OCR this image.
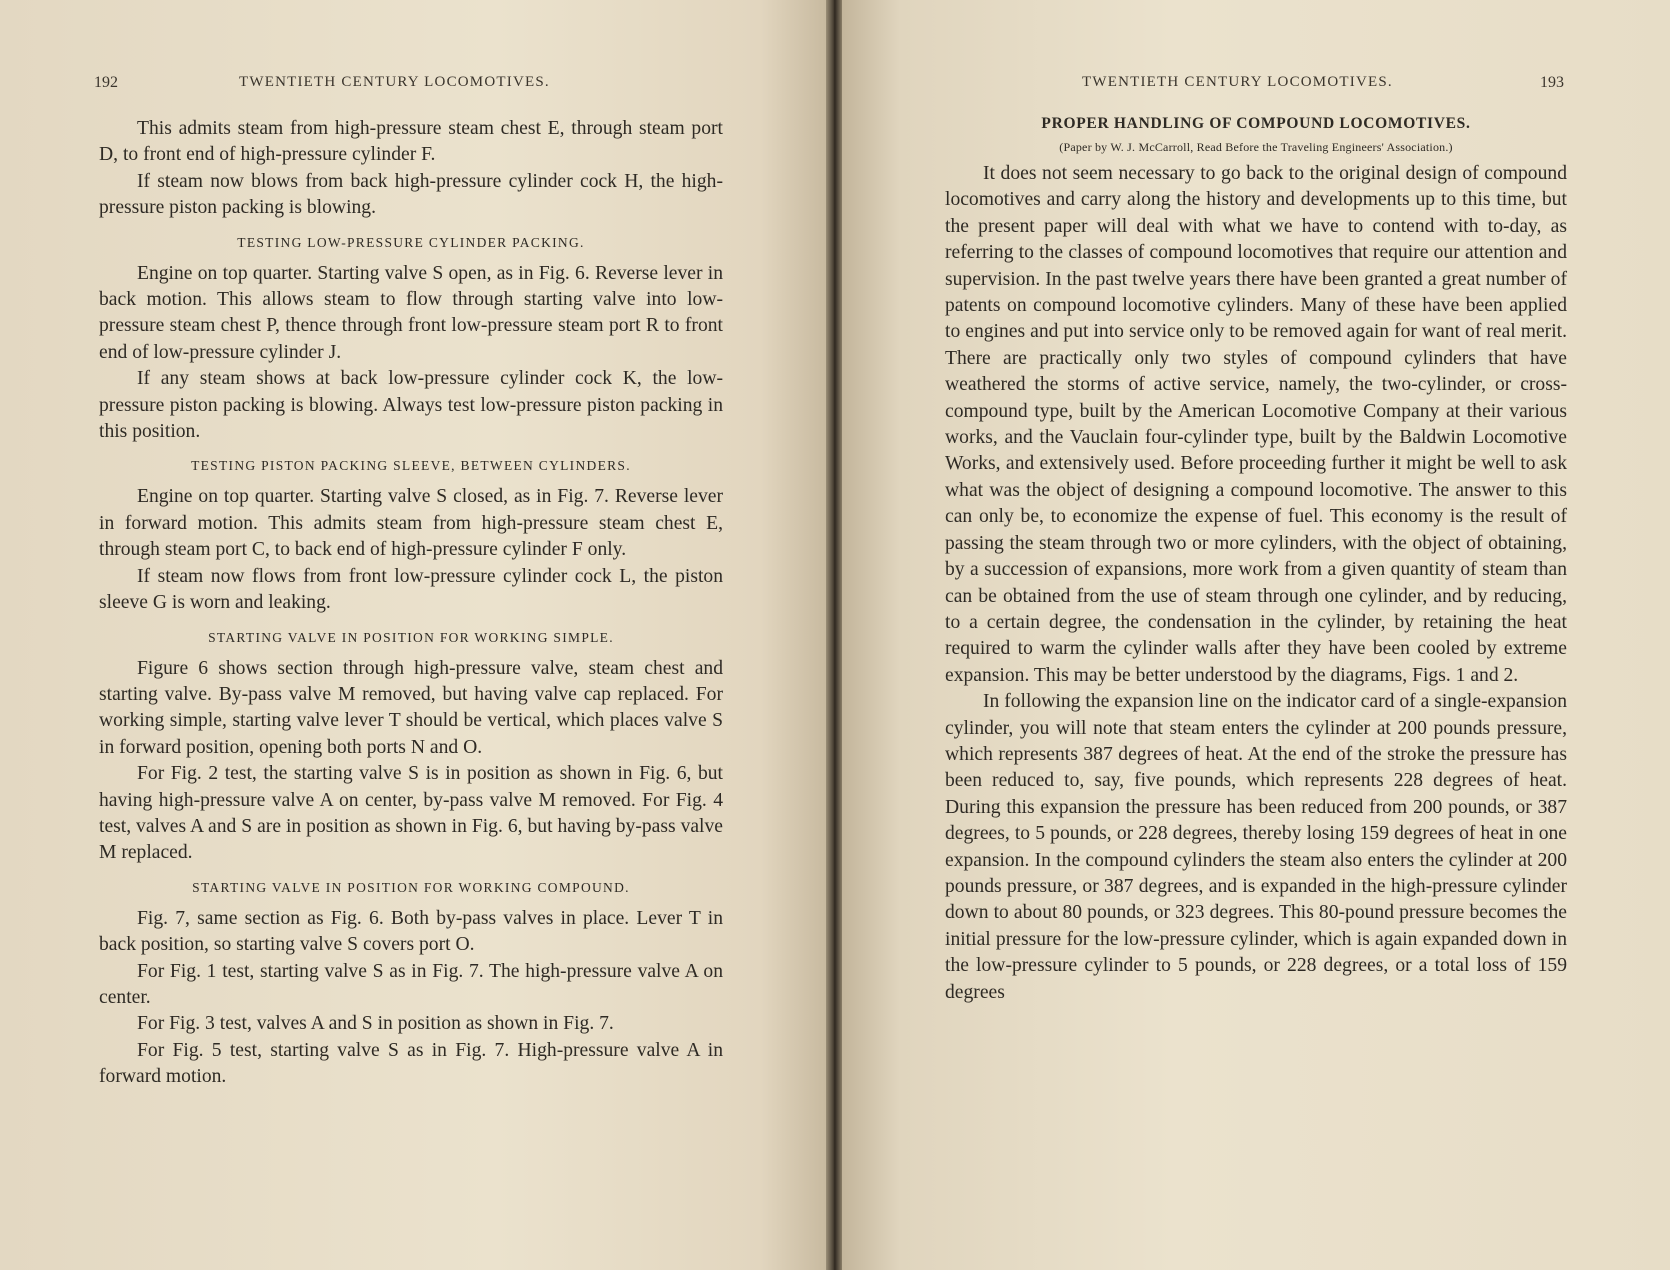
192	TWENTIETH CENTURY LOCOMOTIVES.

This admits steam from high-pressure steam chest E, through steam port D, to front end of high-pressure cylinder F.

If steam now blows from back high-pressure cylinder cock H, the high-pressure piston packing is blowing.

TESTING LOW-PRESSURE CYLINDER PACKING.

Engine on top quarter. Starting valve S open, as in Fig. 6. Reverse lever in back motion. This allows steam to flow through starting valve into low-pressure steam chest P, thence through front low-pressure steam port R to front end of low-pressure cylinder J.

If any steam shows at back low-pressure cylinder cock K, the low-pressure piston packing is blowing. Always test low-pressure piston packing in this position.

TESTING PISTON PACKING SLEEVE, BETWEEN CYLINDERS.

Engine on top quarter. Starting valve S closed, as in Fig. 7. Reverse lever in forward motion. This admits steam from high-pressure steam chest E, through steam port C, to back end of high-pressure cylinder F only.

If steam now flows from front low-pressure cylinder cock L, the piston sleeve G is worn and leaking.

STARTING VALVE IN POSITION FOR WORKING SIMPLE.

Figure 6 shows section through high-pressure valve, steam chest and starting valve. By-pass valve M removed, but having valve cap replaced. For working simple, starting valve lever T should be vertical, which places valve S in forward position, opening both ports N and O.

For Fig. 2 test, the starting valve S is in position as shown in Fig. 6, but having high-pressure valve A on center, by-pass valve M removed. For Fig. 4 test, valves A and S are in position as shown in Fig. 6, but having by-pass valve M replaced.

STARTING VALVE IN POSITION FOR WORKING COMPOUND.

Fig. 7, same section as Fig. 6. Both by-pass valves in place. Lever T in back position, so starting valve S covers port O.

For Fig. 1 test, starting valve S as in Fig. 7. The high-pressure valve A on center.

For Fig. 3 test, valves A and S in position as shown in Fig. 7.

For Fig. 5 test, starting valve S as in Fig. 7. High-pressure valve A in forward motion.

TWENTIETH CENTURY LOCOMOTIVES.	193

PROPER HANDLING OF COMPOUND LOCOMOTIVES.

(Paper by W. J. McCarroll, Read Before the Traveling Engineers' Association.)

It does not seem necessary to go back to the original design of compound locomotives and carry along the history and developments up to this time, but the present paper will deal with what we have to contend with to-day, as referring to the classes of compound locomotives that require our attention and supervision. In the past twelve years there have been granted a great number of patents on compound locomotive cylinders. Many of these have been applied to engines and put into service only to be removed again for want of real merit. There are practically only two styles of compound cylinders that have weathered the storms of active service, namely, the two-cylinder, or cross-compound type, built by the American Locomotive Company at their various works, and the Vauclain four-cylinder type, built by the Baldwin Locomotive Works, and extensively used. Before proceeding further it might be well to ask what was the object of designing a compound locomotive. The answer to this can only be, to economize the expense of fuel. This economy is the result of passing the steam through two or more cylinders, with the object of obtaining, by a succession of expansions, more work from a given quantity of steam than can be obtained from the use of steam through one cylinder, and by reducing, to a certain degree, the condensation in the cylinder, by retaining the heat required to warm the cylinder walls after they have been cooled by extreme expansion. This may be better understood by the diagrams, Figs. 1 and 2.

In following the expansion line on the indicator card of a single-expansion cylinder, you will note that steam enters the cylinder at 200 pounds pressure, which represents 387 degrees of heat. At the end of the stroke the pressure has been reduced to, say, five pounds, which represents 228 degrees of heat. During this expansion the pressure has been reduced from 200 pounds, or 387 degrees, to 5 pounds, or 228 degrees, thereby losing 159 degrees of heat in one expansion. In the compound cylinders the steam also enters the cylinder at 200 pounds pressure, or 387 degrees, and is expanded in the high-pressure cylinder down to about 80 pounds, or 323 degrees. This 80-pound pressure becomes the initial pressure for the low-pressure cylinder, which is again expanded down in the low-pressure cylinder to 5 pounds, or 228 degrees, or a total loss of 159 degrees
